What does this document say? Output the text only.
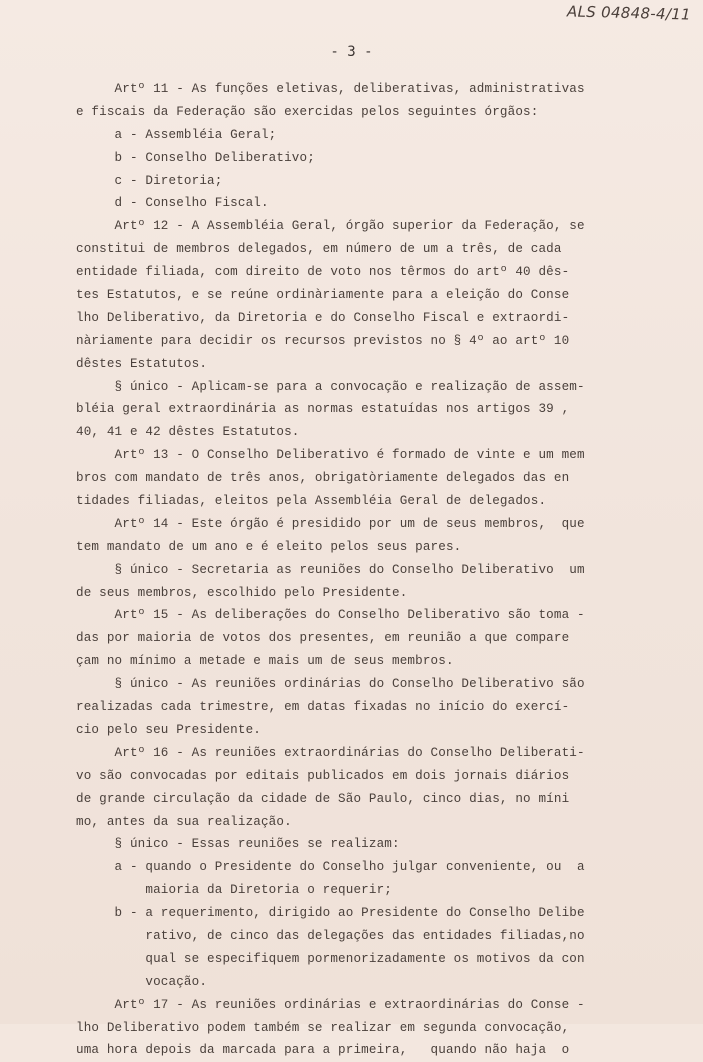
ALS 04848-4/11
- 3 -
Artº 11 - As funções eletivas, deliberativas, administrativas
e fiscais da Federação são exercidas pelos seguintes órgãos:
a - Assembléia Geral;
b - Conselho Deliberativo;
c - Diretoria;
d - Conselho Fiscal.
Artº 12 - A Assembléia Geral, órgão superior da Federação, se
constitui de membros delegados, em número de um a três, de cada
entidade filiada, com direito de voto nos têrmos do artº 40 dês-
tes Estatutos, e se reúne ordinàriamente para a eleição do Conse
lho Deliberativo, da Diretoria e do Conselho Fiscal e extraordi-
nàriamente para decidir os recursos previstos no § 4º ao artº 10
dêstes Estatutos.
§ único - Aplicam-se para a convocação e realização de assem-
bléia geral extraordinária as normas estatuídas nos artigos 39 ,
40, 41 e 42 dêstes Estatutos.
Artº 13 - O Conselho Deliberativo é formado de vinte e um mem
bros com mandato de três anos, obrigatòriamente delegados das en
tidades filiadas, eleitos pela Assembléia Geral de delegados.
Artº 14 - Este órgão é presidido por um de seus membros,  que
tem mandato de um ano e é eleito pelos seus pares.
§ único - Secretaria as reuniões do Conselho Deliberativo  um
de seus membros, escolhido pelo Presidente.
Artº 15 - As deliberações do Conselho Deliberativo são toma -
das por maioria de votos dos presentes, em reunião a que compare
çam no mínimo a metade e mais um de seus membros.
§ único - As reuniões ordinárias do Conselho Deliberativo são
realizadas cada trimestre, em datas fixadas no início do exercí-
cio pelo seu Presidente.
Artº 16 - As reuniões extraordinárias do Conselho Deliberati-
vo são convocadas por editais publicados em dois jornais diários
de grande circulação da cidade de São Paulo, cinco dias, no míni
mo, antes da sua realização.
§ único - Essas reuniões se realizam:
a - quando o Presidente do Conselho julgar conveniente, ou  a
maioria da Diretoria o requerir;
b - a requerimento, dirigido ao Presidente do Conselho Delibe
rativo, de cinco das delegações das entidades filiadas,no
qual se especifiquem pormenorizadamente os motivos da con
vocação.
Artº 17 - As reuniões ordinárias e extraordinárias do Conse -
lho Deliberativo podem também se realizar em segunda convocação,
uma hora depois da marcada para a primeira,   quando não haja  o
